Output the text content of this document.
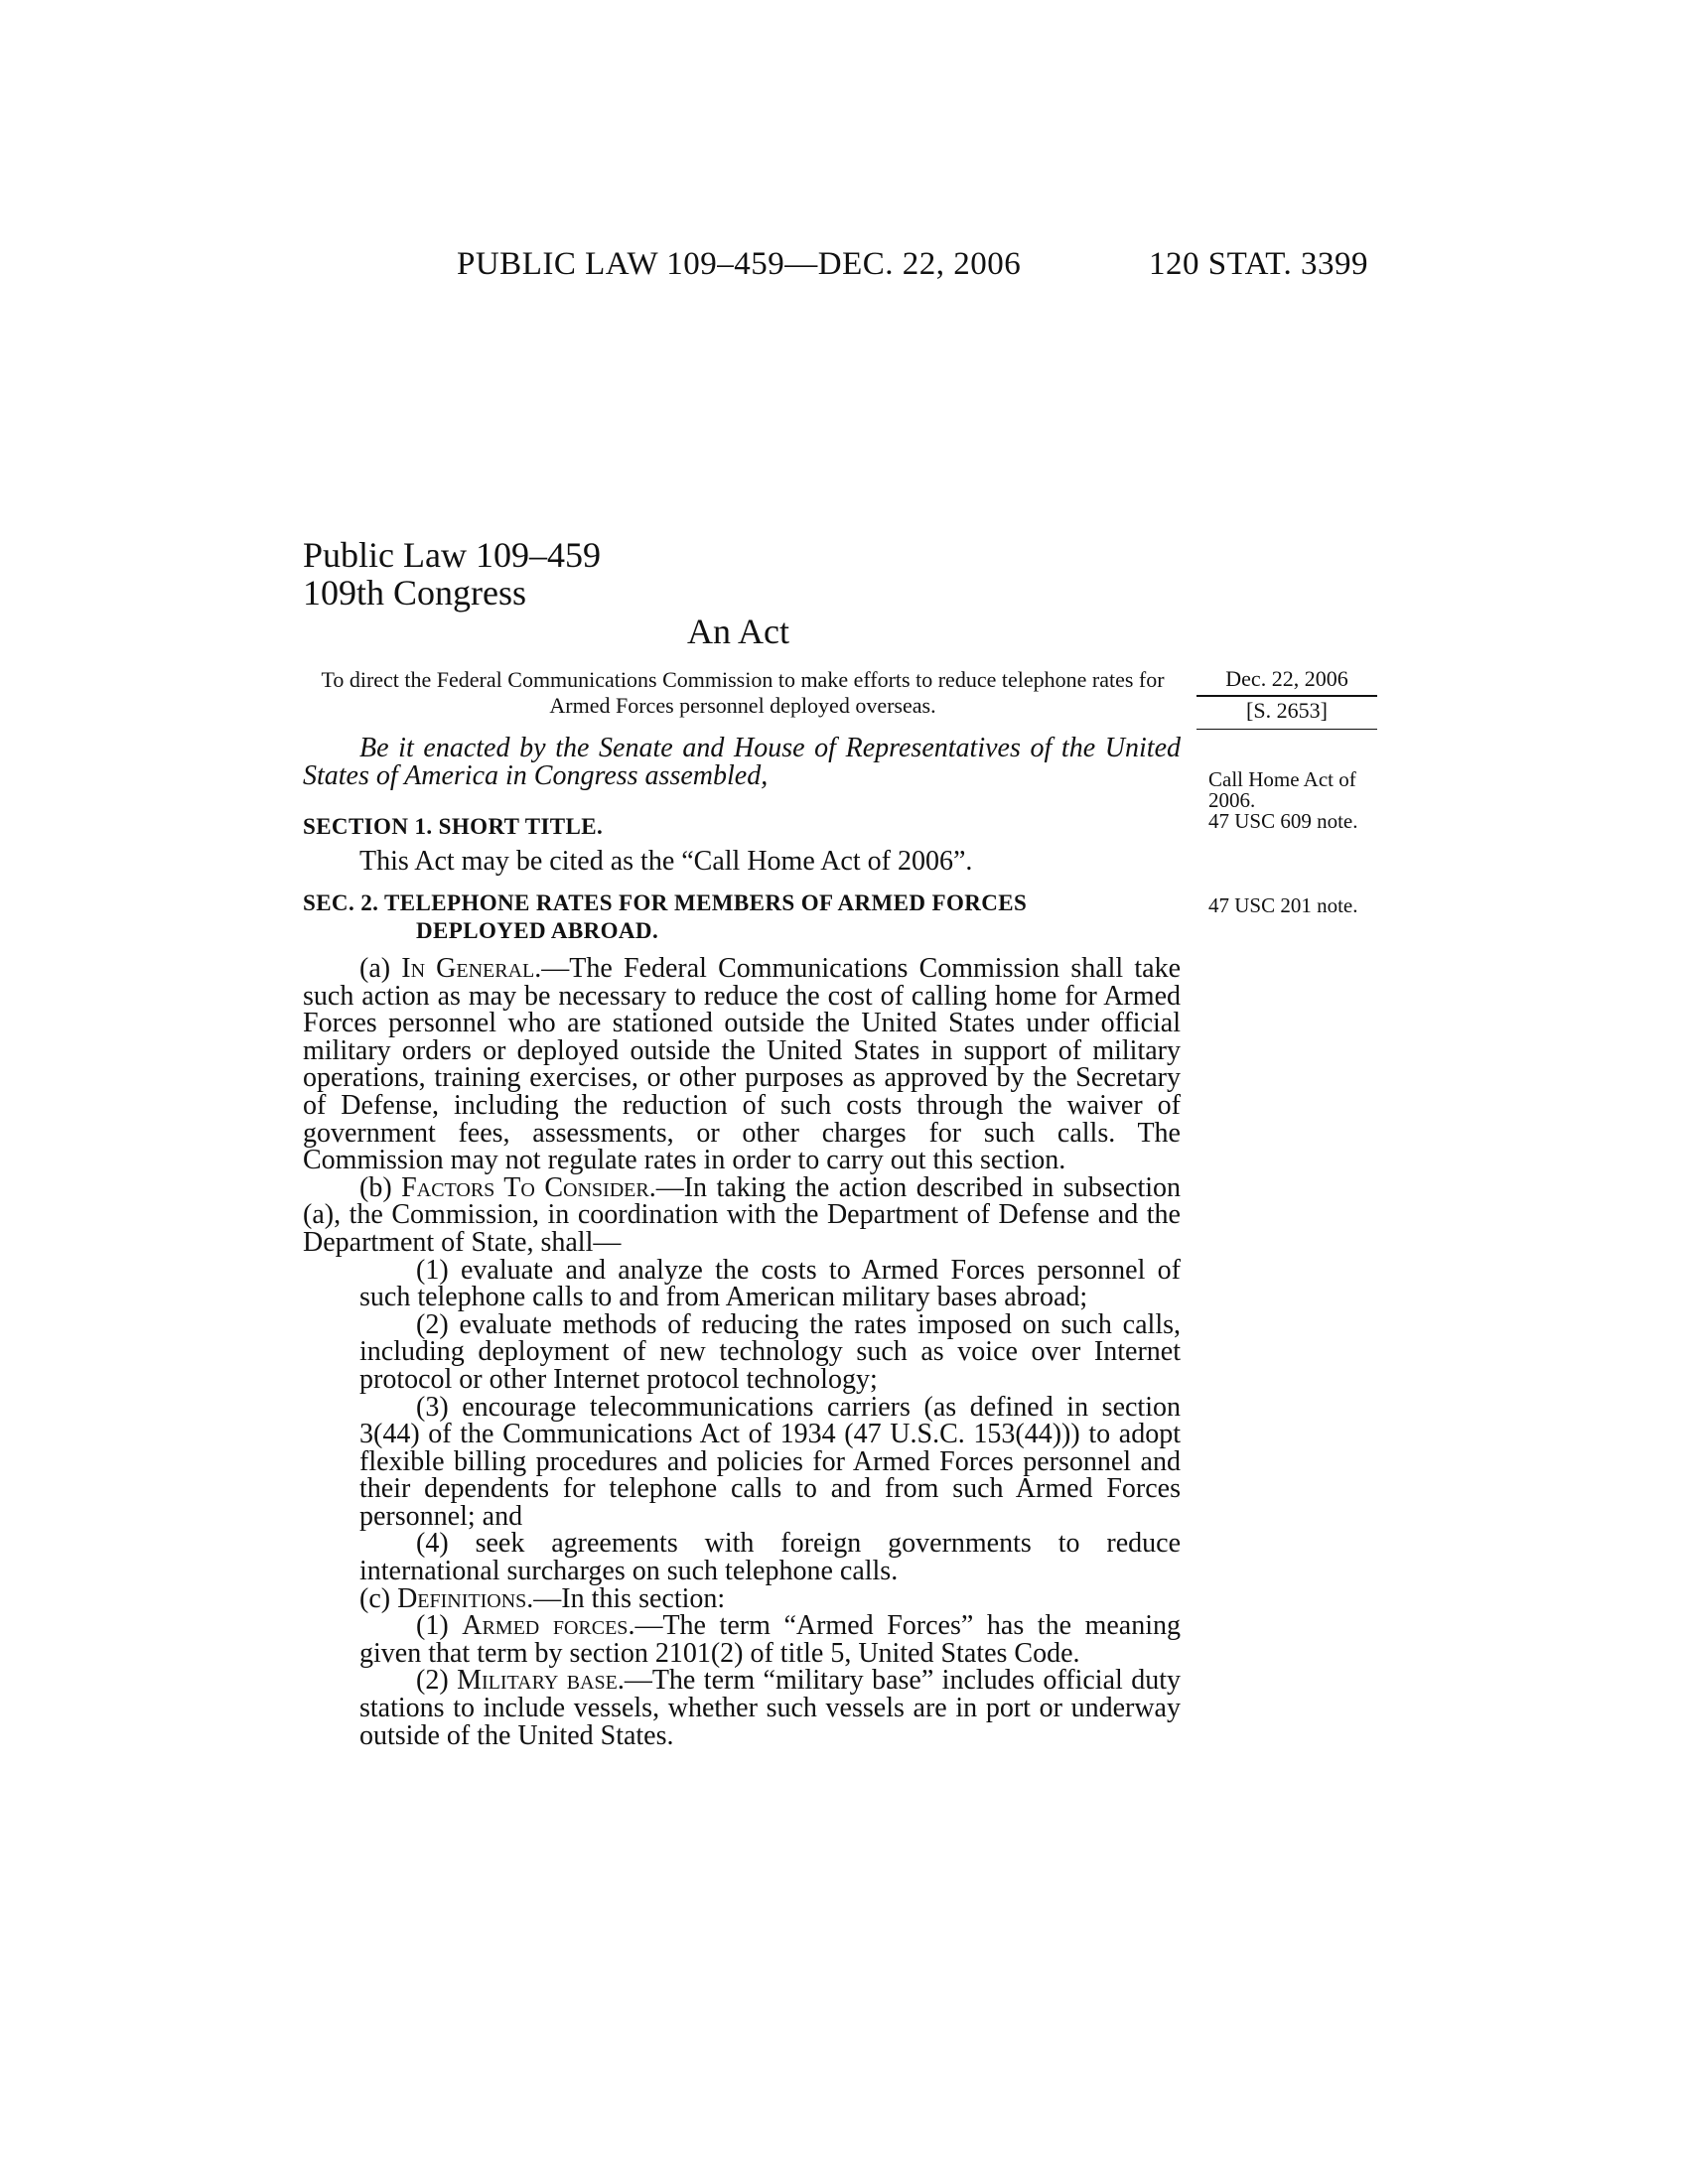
PUBLIC LAW 109–459—DEC. 22, 2006	120 STAT. 3399
Public Law 109–459
109th Congress
An Act
To direct the Federal Communications Commission to make efforts to reduce telephone rates for Armed Forces personnel deployed overseas.
Dec. 22, 2006
[S. 2653]
Call Home Act of
2006.
47 USC 609 note.
47 USC 201 note.
Be it enacted by the Senate and House of Representatives of the United States of America in Congress assembled,
SECTION 1. SHORT TITLE.
This Act may be cited as the “Call Home Act of 2006”.
SEC. 2. TELEPHONE RATES FOR MEMBERS OF ARMED FORCES
DEPLOYED ABROAD.

(a) In General.—The Federal Communications Commission shall take such action as may be necessary to reduce the cost of calling home for Armed Forces personnel who are stationed outside the United States under official military orders or deployed outside the United States in support of military operations, training exercises, or other purposes as approved by the Secretary of Defense, including the reduction of such costs through the waiver of government fees, assessments, or other charges for such calls. The Commission may not regulate rates in order to carry out this section.

(b) Factors To Consider.—In taking the action described in subsection (a), the Commission, in coordination with the Department of Defense and the Department of State, shall—

(1) evaluate and analyze the costs to Armed Forces personnel of such telephone calls to and from American military bases abroad;

(2) evaluate methods of reducing the rates imposed on such calls, including deployment of new technology such as voice over Internet protocol or other Internet protocol technology;

(3) encourage telecommunications carriers (as defined in section 3(44) of the Communications Act of 1934 (47 U.S.C. 153(44))) to adopt flexible billing procedures and policies for Armed Forces personnel and their dependents for telephone calls to and from such Armed Forces personnel; and

(4) seek agreements with foreign governments to reduce international surcharges on such telephone calls.

(c) Definitions.—In this section:

(1) Armed forces.—The term “Armed Forces” has the meaning given that term by section 2101(2) of title 5, United States Code.

(2) Military base.—The term “military base” includes official duty stations to include vessels, whether such vessels are in port or underway outside of the United States.
